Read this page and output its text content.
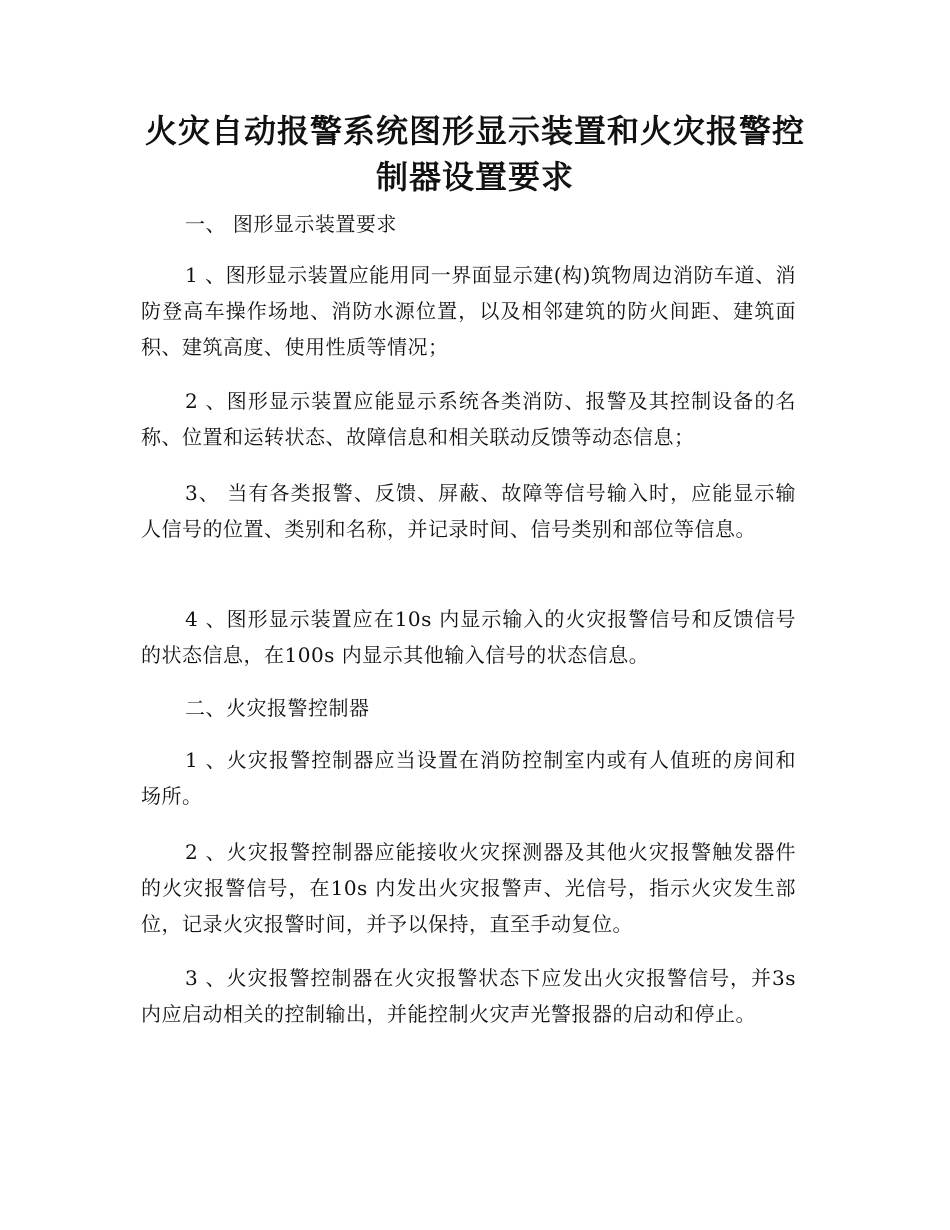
火灾自动报警系统图形显示装置和火灾报警控制器设置要求

一、 图形显示装置要求

1 、图形显示装置应能用同一界面显示建(构)筑物周边消防车道、消防登高车操作场地、消防水源位置，以及相邻建筑的防火间距、建筑面积、建筑高度、使用性质等情况；

2 、图形显示装置应能显示系统各类消防、报警及其控制设备的名称、位置和运转状态、故障信息和相关联动反馈等动态信息；

3、 当有各类报警、反馈、屏蔽、故障等信号输入时，应能显示输人信号的位置、类别和名称，并记录时间、信号类别和部位等信息。

4 、图形显示装置应在10s 内显示输入的火灾报警信号和反馈信号的状态信息，在100s 内显示其他输入信号的状态信息。

二、火灾报警控制器

1 、火灾报警控制器应当设置在消防控制室内或有人值班的房间和场所。

2 、火灾报警控制器应能接收火灾探测器及其他火灾报警触发器件的火灾报警信号，在10s 内发出火灾报警声、光信号，指示火灾发生部位，记录火灾报警时间，并予以保持，直至手动复位。

3 、火灾报警控制器在火灾报警状态下应发出火灾报警信号，并3s 内应启动相关的控制输出，并能控制火灾声光警报器的启动和停止。
